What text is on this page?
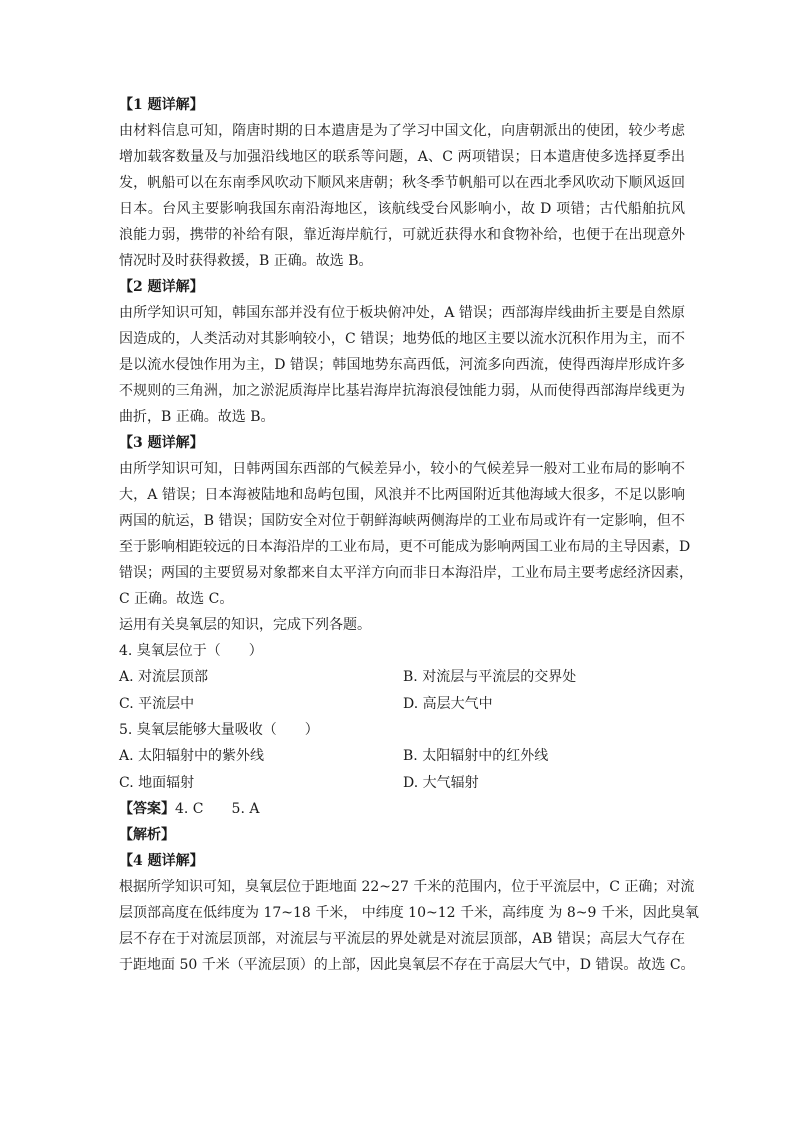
【1 题详解】
由材料信息可知，隋唐时期的日本遣唐是为了学习中国文化，向唐朝派出的使团，较少考虑
增加载客数量及与加强沿线地区的联系等问题，A、C 两项错误；日本遣唐使多选择夏季出
发，帆船可以在东南季风吹动下顺风来唐朝；秋冬季节帆船可以在西北季风吹动下顺风返回
日本。台风主要影响我国东南沿海地区，该航线受台风影响小，故 D 项错；古代船舶抗风
浪能力弱，携带的补给有限，靠近海岸航行，可就近获得水和食物补给，也便于在出现意外
情况时及时获得救援，B 正确。故选 B。
【2 题详解】
由所学知识可知，韩国东部并没有位于板块俯冲处，A 错误；西部海岸线曲折主要是自然原
因造成的，人类活动对其影响较小，C 错误；地势低的地区主要以流水沉积作用为主，而不
是以流水侵蚀作用为主，D 错误；韩国地势东高西低，河流多向西流，使得西海岸形成许多
不规则的三角洲，加之淤泥质海岸比基岩海岸抗海浪侵蚀能力弱，从而使得西部海岸线更为
曲折，B 正确。故选 B。
【3 题详解】
由所学知识可知，日韩两国东西部的气候差异小，较小的气候差异一般对工业布局的影响不
大，A 错误；日本海被陆地和岛屿包围，风浪并不比两国附近其他海域大很多，不足以影响
两国的航运，B 错误；国防安全对位于朝鲜海峡两侧海岸的工业布局或许有一定影响，但不
至于影响相距较远的日本海沿岸的工业布局，更不可能成为影响两国工业布局的主导因素，D
错误；两国的主要贸易对象都来自太平洋方向而非日本海沿岸，工业布局主要考虑经济因素，
C 正确。故选 C。
运用有关臭氧层的知识，完成下列各题。
4. 臭氧层位于（　　）
A. 对流层顶部	B. 对流层与平流层的交界处
C. 平流层中	D. 高层大气中
5. 臭氧层能够大量吸收（　　）
A. 太阳辐射中的紫外线	B. 太阳辐射中的红外线
C. 地面辐射	D. 大气辐射
【答案】4. C 5. A
【解析】
【4 题详解】
根据所学知识可知，臭氧层位于距地面 22~27 千米的范围内，位于平流层中，C 正确；对流
层顶部高度在低纬度为 17~18 千米， 中纬度 10~12 千米，高纬度 为 8~9 千米，因此臭氧
层不存在于对流层顶部，对流层与平流层的界处就是对流层顶部，AB 错误；高层大气存在
于距地面 50 千米（平流层顶）的上部，因此臭氧层不存在于高层大气中，D 错误。故选 C。
